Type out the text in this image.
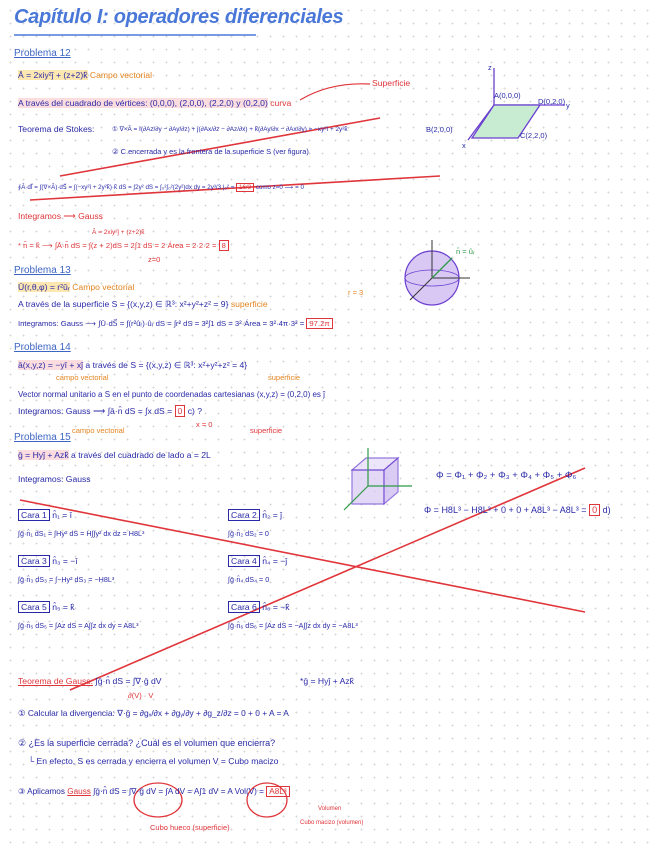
Capítulo I: operadores diferenciales
Problema 12
Ā = 2xiy²ĵ + (z+2)k̂ Campo vectorial
Superficie
A través del cuadrado de vértices: (0,0,0), (2,0,0), (2,2,0) y (0,2,0) curva
Teorema de Stokes:	① ∇×Ā = î(∂Az/∂y − ∂Ay/∂z) + ĵ(∂Ax/∂z − ∂Az/∂x) + k̂(∂Ay/∂x − ∂Ax/∂y) = −xy²î + 2y²k̂
② C encerrada y es la frontera de la superficie S (ver figura)
∮Ā·dl⃗ = ∫(∇×Ā)·dS⃗ = ∫(−xy²î + 2y²k̂)·k̂ dS = ∫2y² dS = ∫₀²∫₀²(2y²)dx dy = 2y³/3 |₀² = 16/3 como z=0 ⟶ = 0
Integramos ⟶ Gauss
Ā = 2xiy²ĵ + (z+2)k̂
* n̂ = k̂ ⟶ ∫Ā·n̂ dS = ∫(z + 2)dS = 2∫1 dS = 2 Área = 2·2·2 = 8
z=0
A(0,0,0)
D(0,2,0)
B(2,0,0)
C(2,2,0)
z
y
x
Problema 13
Ū(r,θ,φ) = r²ûᵣ Campo vectorial
r = 3
A través de la superficie S = {(x,y,z) ∈ ℝ³: x²+y²+z² = 9} superficie
Integramos: Gauss ⟶ ∫Ū·dS⃗ = ∫(r²ûᵣ)·ûᵣ dS = ∫r² dS = 3²∫1 dS = 3²·Área = 3²·4π·3² = 97.2π
n̂ = ûᵣ
Problema 14
ā(x,y,z) = −yî + xĵ a través de S = {(x,y,z) ∈ ℝ³: x²+y²+z² = 4}
campo vectorial	superficie
Vector normal unitario a S en el punto de coordenadas cartesianas (x,y,z) = (0,2,0) es ĵ
Integramos: Gauss ⟶ ∫ā·n̂ dS = ∫x dS = 0 c) ?
x = 0
Problema 15
campo vectorial	superficie
ḡ = Hyĵ + Azk̂ a través del cuadrado de lado a = 2L
Integramos: Gauss	Φ = Φ₁ + Φ₂ + Φ₃ + Φ₄ + Φ₅ + Φ₆
Φ = H8L³ − H8L³ + 0 + 0 + A8L³ − A8L³ = 0 d)
Cara 1 n̂₁ = î
∫ḡ·n̂₁ dS₁ = ∫Hy² dS = H∫∫y² dx dz = H8L³
Cara 2 n̂₂ = ĵ
∫ḡ·n̂₂ dS₂ = 0
Cara 3 n̂₃ = −î
∫ḡ·n̂₃ dS₃ = ∫−Hy² dS₃ = −H8L³
Cara 4 n̂₄ = −ĵ
∫ḡ·n̂₄ dS₄ = 0
Cara 5 n̂₅ = k̂
∫ḡ·n̂₅ dS₅ = ∫Az dS = A∫∫z dx dy = A8L³
Cara 6 n̂₆ = −k̂
∫ḡ·n̂₆ dS₆ = ∫Az dS = −A∫∫z dx dy = −A8L³
Teorema de Gauss: ∫ḡ·n̂ dS = ∫∇·ḡ dV
∂(V) · V
*ḡ = Hyĵ + Azk̂
① Calcular la divergencia: ∇·ḡ = ∂gₓ/∂x + ∂gᵧ/∂y + ∂g_z/∂z = 0 + 0 + A = A
② ¿Es la superficie cerrada? ¿Cuál es el volumen que encierra?
└ En efecto, S es cerrada y encierra el volumen V = Cubo macizo
③ Aplicamos Gauss ∫ḡ·n̂ dS = ∫∇·ḡ dV = ∫A dV = A∫1 dV = A Vol(V) = A8L³
Cubo hueco (superficie)	Cubo macizo (volumen)
Volumen
